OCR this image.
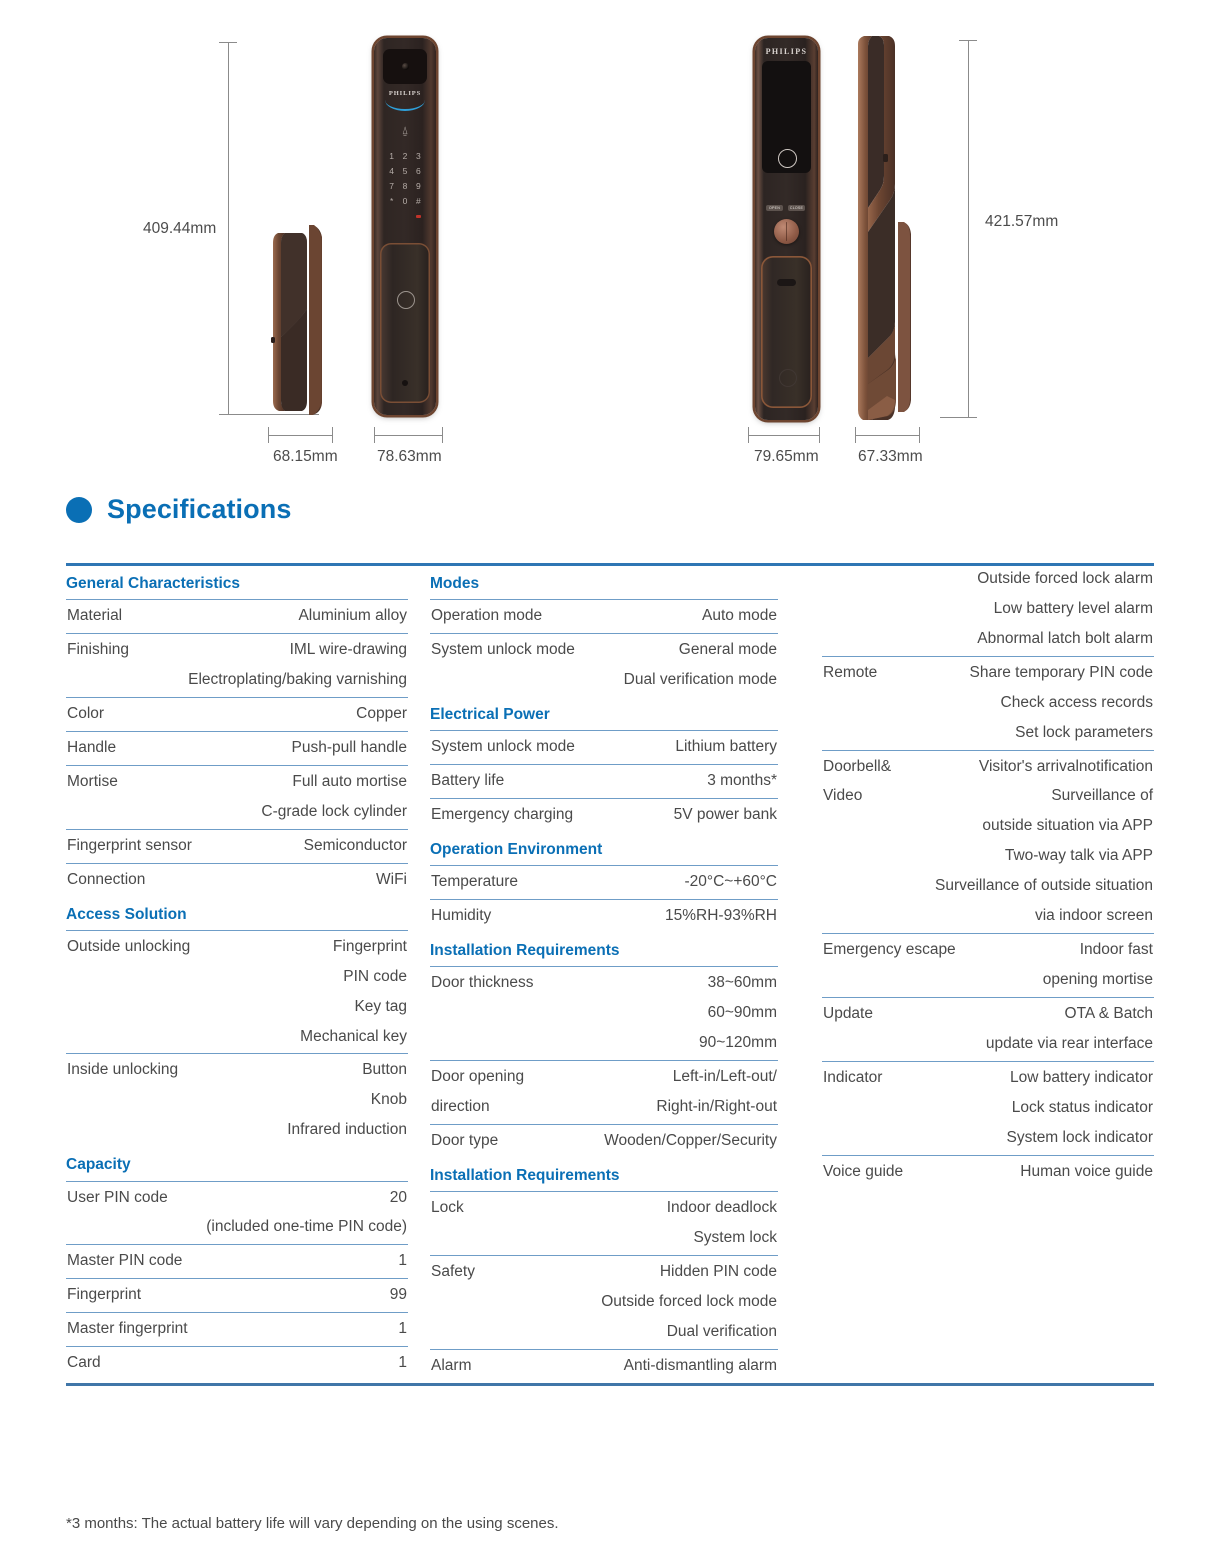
409.44mm
PHILIPS
⍙
1	2	3
4	5	6
7	8	9
*	0	#
68.15mm	78.63mm
PHILIPS
OPEN	CLOSE
79.65mm	67.33mm
421.57mm
Specifications
General Characteristics
Material	Aluminium alloy
Finishing	IML wire-drawing
Electroplating/baking varnishing
Color	Copper
Handle	Push-pull handle
Mortise	Full auto mortise
C-grade lock cylinder
Fingerprint sensor	Semiconductor
Connection	WiFi
Access Solution
Outside unlocking	Fingerprint
PIN code
Key tag
Mechanical key
Inside unlocking	Button
Knob
Infrared induction
Capacity
User PIN code	20
(included one-time PIN code)
Master PIN code	1
Fingerprint	99
Master fingerprint	1
Card	1
Modes
Operation mode	Auto mode
System unlock mode	General mode
Dual verification mode
Electrical Power
System unlock mode	Lithium battery
Battery life	3 months*
Emergency charging	5V power bank
Operation Environment
Temperature	-20°C~+60°C
Humidity	15%RH-93%RH
Installation Requirements
Door thickness	38~60mm
60~90mm
90~120mm
Door opening	Left-in/Left-out/
direction	Right-in/Right-out
Door type	Wooden/Copper/Security
Installation Requirements
Lock	Indoor deadlock
System lock
Safety	Hidden PIN code
Outside forced lock mode
Dual verification
Alarm	Anti-dismantling alarm
Outside forced lock alarm
Low battery level alarm
Abnormal latch bolt alarm
Remote	Share temporary PIN code
Check access records
Set lock parameters
Doorbell&	Visitor's arrivalnotification
Video	Surveillance of
outside situation via APP
Two-way talk via APP
Surveillance of outside situation
via indoor screen
Emergency escape	Indoor fast
opening mortise
Update	OTA & Batch
update via rear interface
Indicator	Low battery indicator
Lock status indicator
System lock indicator
Voice guide	Human voice guide
*3 months: The actual battery life will vary depending on the using scenes.
